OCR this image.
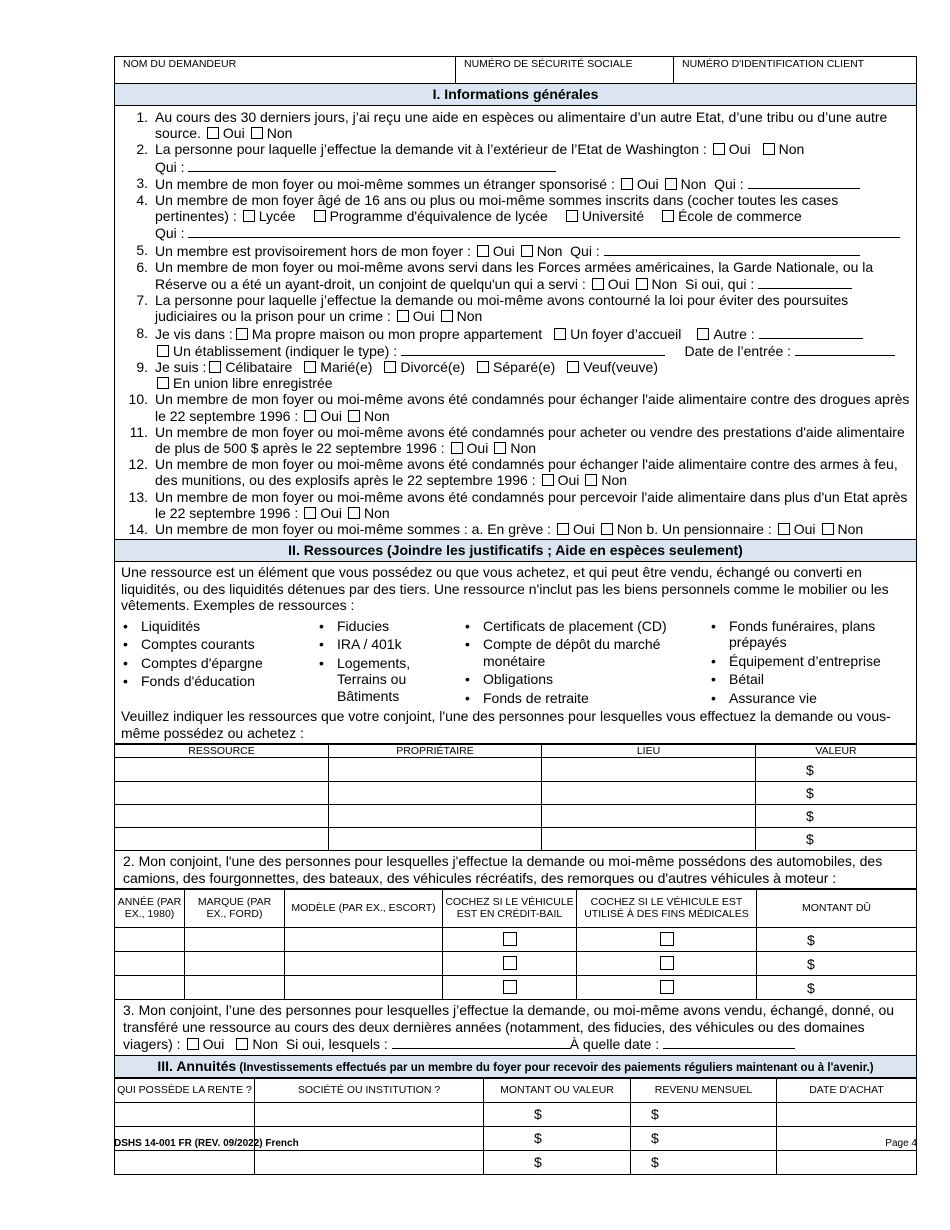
NOM DU DEMANDEUR	NUMÉRO DE SÉCURITÉ SOCIALE	NUMÉRO D'IDENTIFICATION CLIENT
I. Informations générales
1. Au cours des 30 derniers jours, j’ai reçu une aide en espèces ou alimentaire d’un autre Etat, d’une tribu ou d’une autre source. Oui Non
2. La personne pour laquelle j’effectue la demande vit à l’extérieur de l’Etat de Washington : Oui Non
Qui :
3. Un membre de mon foyer ou moi-même sommes un étranger sponsorisé : Oui Non Qui :
4. Un membre de mon foyer âgé de 16 ans ou plus ou moi-même sommes inscrits dans (cocher toutes les cases pertinentes) : Lycée Programme d'équivalence de lycée Université École de commerce
Qui :
5. Un membre est provisoirement hors de mon foyer : Oui Non Qui :
6. Un membre de mon foyer ou moi-même avons servi dans les Forces armées américaines, la Garde Nationale, ou la Réserve ou a été un ayant-droit, un conjoint de quelqu'un qui a servi : Oui Non Si oui, qui :
7. La personne pour laquelle j’effectue la demande ou moi-même avons contourné la loi pour éviter des poursuites judiciaires ou la prison pour un crime : Oui Non
8. Je vis dans : Ma propre maison ou mon propre appartement Un foyer d’accueil Autre :
Un établissement (indiquer le type) :	Date de l’entrée :
9. Je suis : Célibataire Marié(e) Divorcé(e) Séparé(e) Veuf(veuve)
En union libre enregistrée
10. Un membre de mon foyer ou moi-même avons été condamnés pour échanger l'aide alimentaire contre des drogues après le 22 septembre 1996 : Oui Non
11. Un membre de mon foyer ou moi-même avons été condamnés pour acheter ou vendre des prestations d'aide alimentaire de plus de 500 $ après le 22 septembre 1996 : Oui Non
12. Un membre de mon foyer ou moi-même avons été condamnés pour échanger l'aide alimentaire contre des armes à feu, des munitions, ou des explosifs après le 22 septembre 1996 : Oui Non
13. Un membre de mon foyer ou moi-même avons été condamnés pour percevoir l'aide alimentaire dans plus d'un Etat après le 22 septembre 1996 : Oui Non
14. Un membre de mon foyer ou moi-même sommes : a. En grève : Oui Non b. Un pensionnaire : Oui Non
II. Ressources (Joindre les justificatifs ; Aide en espèces seulement)
Une ressource est un élément que vous possédez ou que vous achetez, et qui peut être vendu, échangé ou converti en liquidités, ou des liquidités détenues par des tiers. Une ressource n'inclut pas les biens personnels comme le mobilier ou les vêtements. Exemples de ressources :
• Liquidités
• Comptes courants
• Comptes d'épargne
• Fonds d'éducation
• Fiducies
• IRA / 401k
• Logements, Terrains ou Bâtiments
• Certificats de placement (CD)
• Compte de dépôt du marché monétaire
• Obligations
• Fonds de retraite
• Fonds funéraires, plans prépayés
• Équipement d’entreprise
• Bétail
• Assurance vie
Veuillez indiquer les ressources que votre conjoint, l'une des personnes pour lesquelles vous effectuez la demande ou vous-même possédez ou achetez :
RESSOURCE	PROPRIÉTAIRE	LIEU	VALEUR
			$
			$
			$
			$
2. Mon conjoint, l'une des personnes pour lesquelles j'effectue la demande ou moi-même possédons des automobiles, des camions, des fourgonnettes, des bateaux, des véhicules récréatifs, des remorques ou d'autres véhicules à moteur :
ANNÉE (PAR EX., 1980)	MARQUE (PAR EX., FORD)	MODÈLE (PAR EX., ESCORT)	COCHEZ SI LE VÉHICULE EST EN CRÉDIT-BAIL	COCHEZ SI LE VÉHICULE EST UTILISÉ À DES FINS MÉDICALES	MONTANT DÛ
					$
					$
					$
3. Mon conjoint, l’une des personnes pour lesquelles j’effectue la demande, ou moi-même avons vendu, échangé, donné, ou transféré une ressource au cours des deux dernières années (notamment, des fiducies, des véhicules ou des domaines viagers) : Oui Non Si oui, lesquels :	À quelle date :
III. Annuités (Investissements effectués par un membre du foyer pour recevoir des paiements réguliers maintenant ou à l'avenir.)
QUI POSSÈDE LA RENTE ?	SOCIÉTÉ OU INSTITUTION ?	MONTANT OU VALEUR	REVENU MENSUEL	DATE D'ACHAT
		$	$	
		$	$	
		$	$	
DSHS 14-001 FR (REV. 09/2022) French	Page 4
